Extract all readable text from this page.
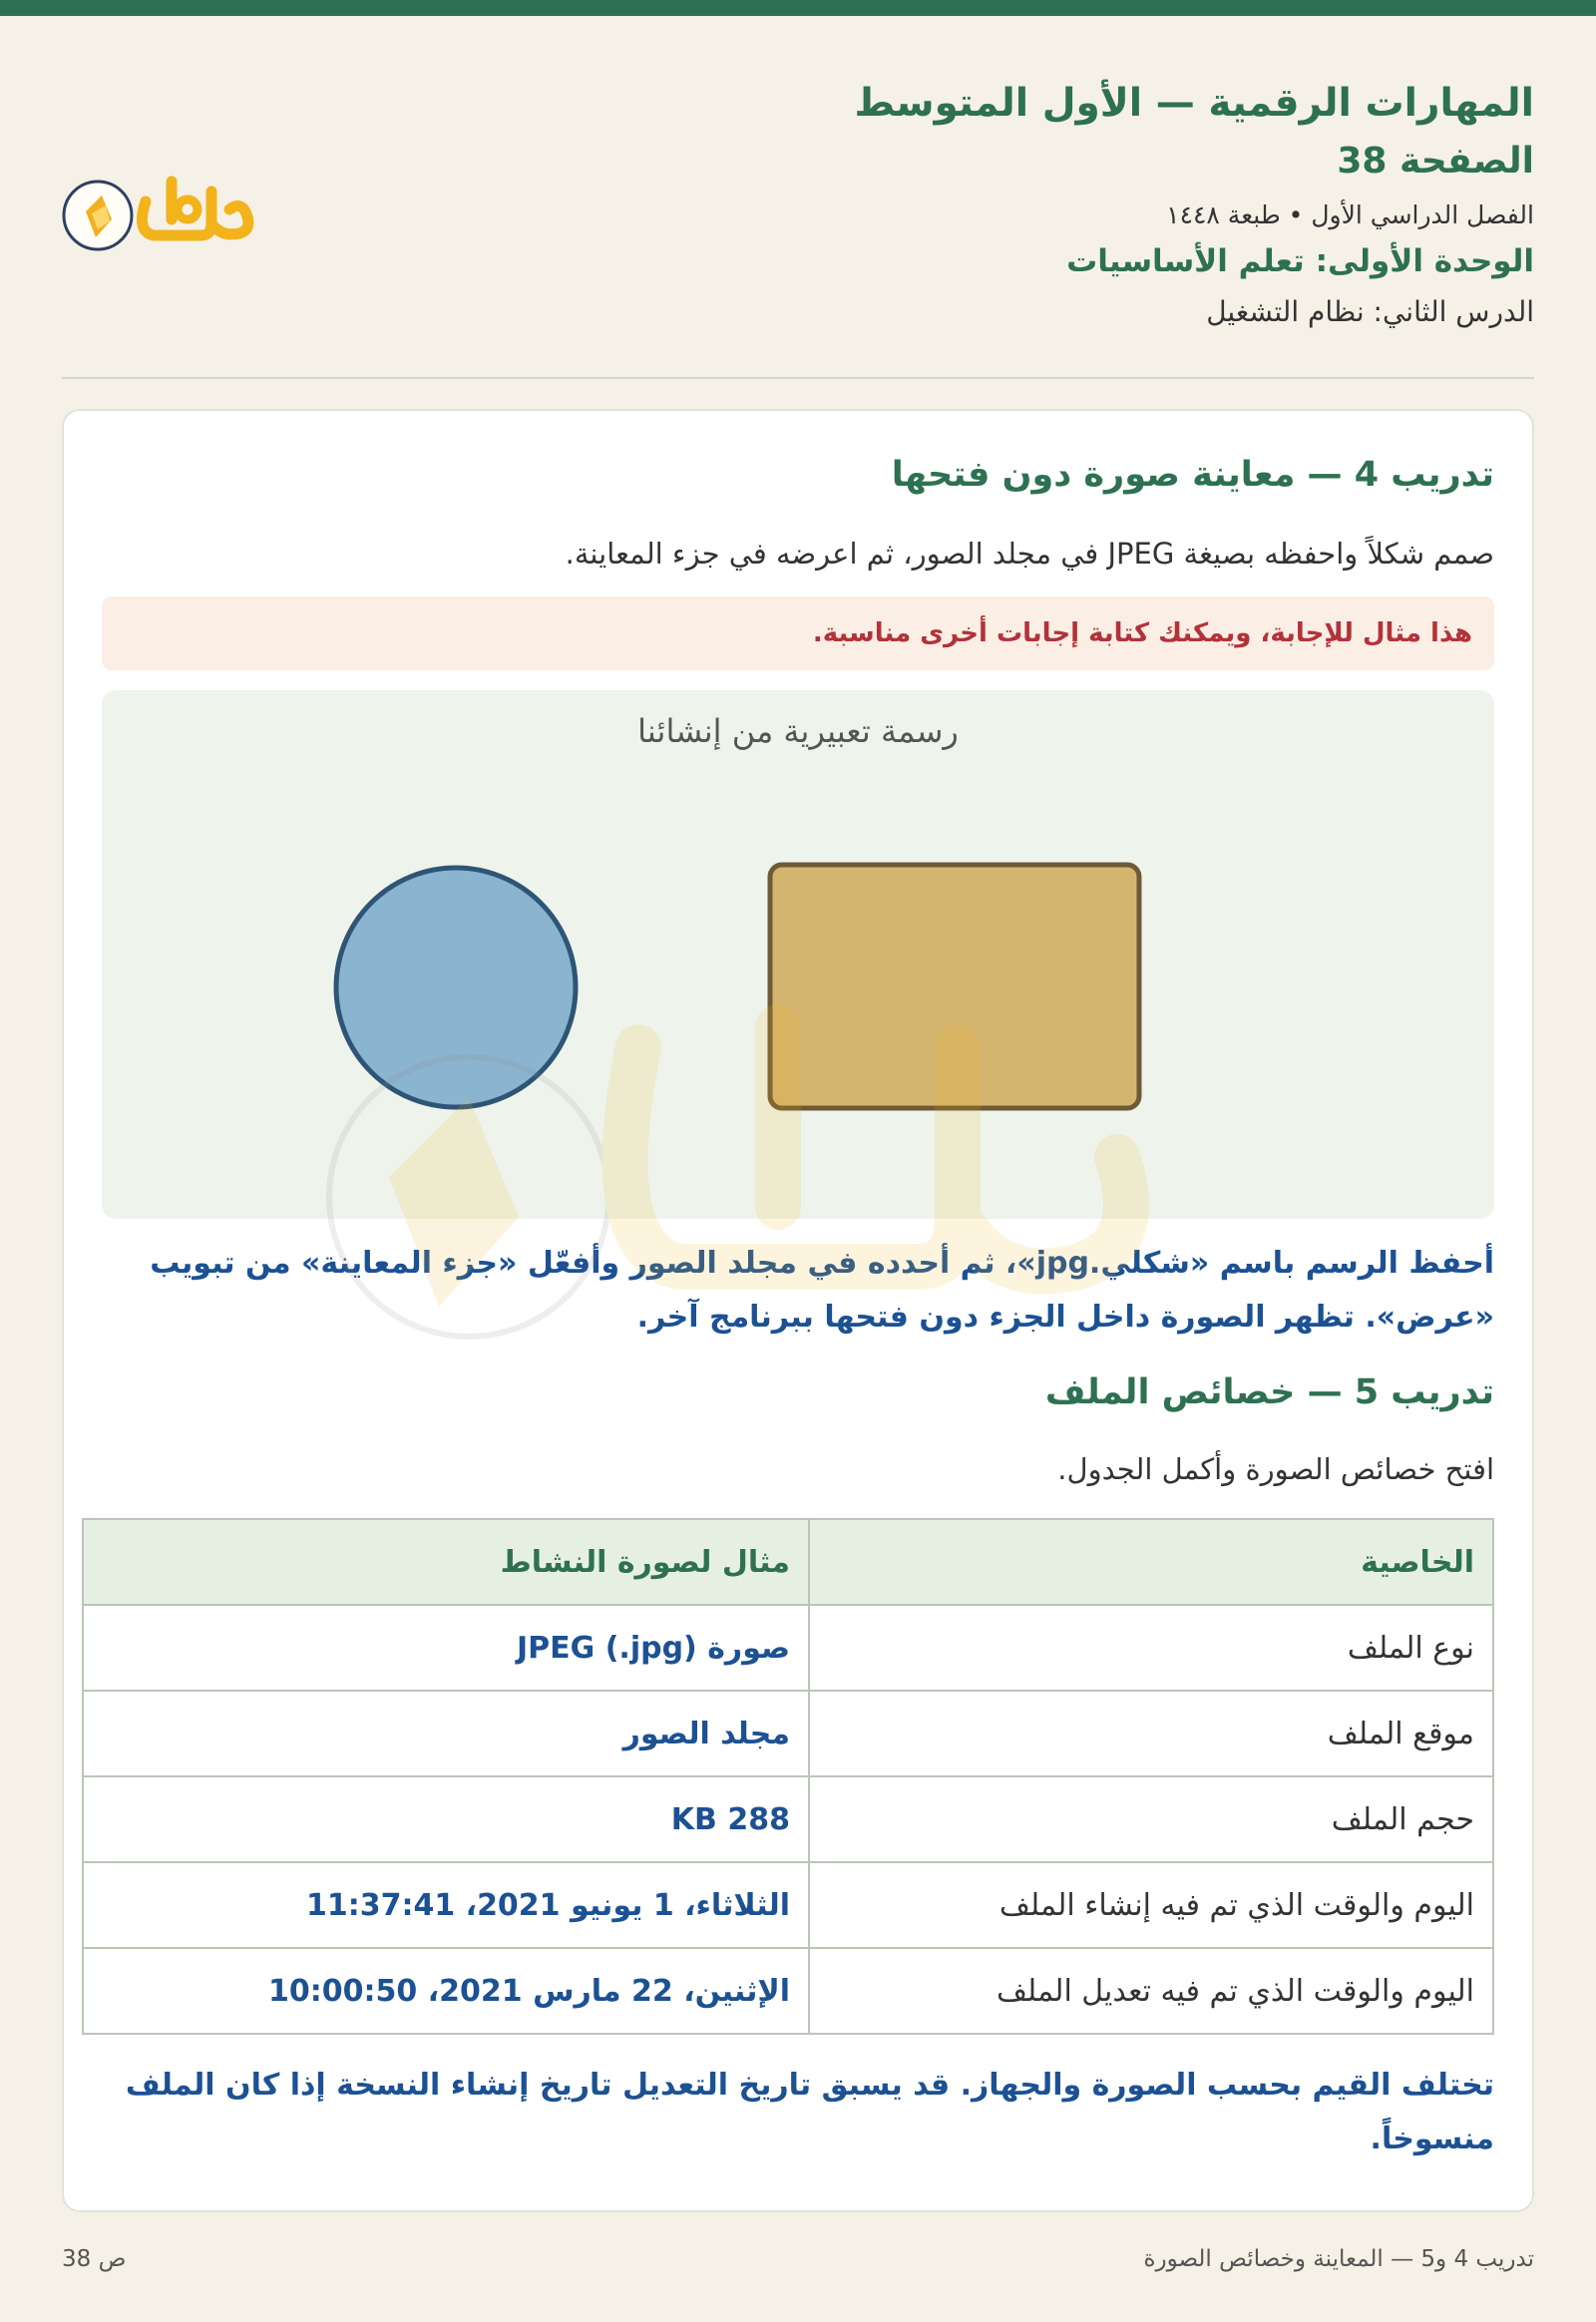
المهارات الرقمية — الأول المتوسط
الصفحة 38
الفصل الدراسي الأول • طبعة ١٤٤٨
الوحدة الأولى: تعلم الأساسيات
الدرس الثاني: نظام التشغيل
تدريب 4 — معاينة صورة دون فتحها
صمم شكلاً واحفظه بصيغة JPEG في مجلد الصور، ثم اعرضه في جزء المعاينة.
هذا مثال للإجابة، ويمكنك كتابة إجابات أخرى مناسبة.
رسمة تعبيرية من إنشائنا
أحفظ الرسم باسم «شكلي.jpg»، ثم أحدده في مجلد الصور وأفعّل «جزء المعاينة» من تبويب «عرض». تظهر الصورة داخل الجزء دون فتحها ببرنامج آخر.
تدريب 5 — خصائص الملف
افتح خصائص الصورة وأكمل الجدول.
الخاصية	مثال لصورة النشاط
نوع الملف	صورة JPEG (.jpg)
موقع الملف	مجلد الصور
حجم الملف	288 KB
اليوم والوقت الذي تم فيه إنشاء الملف	الثلاثاء، 1 يونيو 2021، 11:37:41
اليوم والوقت الذي تم فيه تعديل الملف	الإثنين، 22 مارس 2021، 10:00:50
تختلف القيم بحسب الصورة والجهاز. قد يسبق تاريخ التعديل تاريخ إنشاء النسخة إذا كان الملف منسوخاً.
تدريب 4 و5 — المعاينة وخصائص الصورة
ص 38
